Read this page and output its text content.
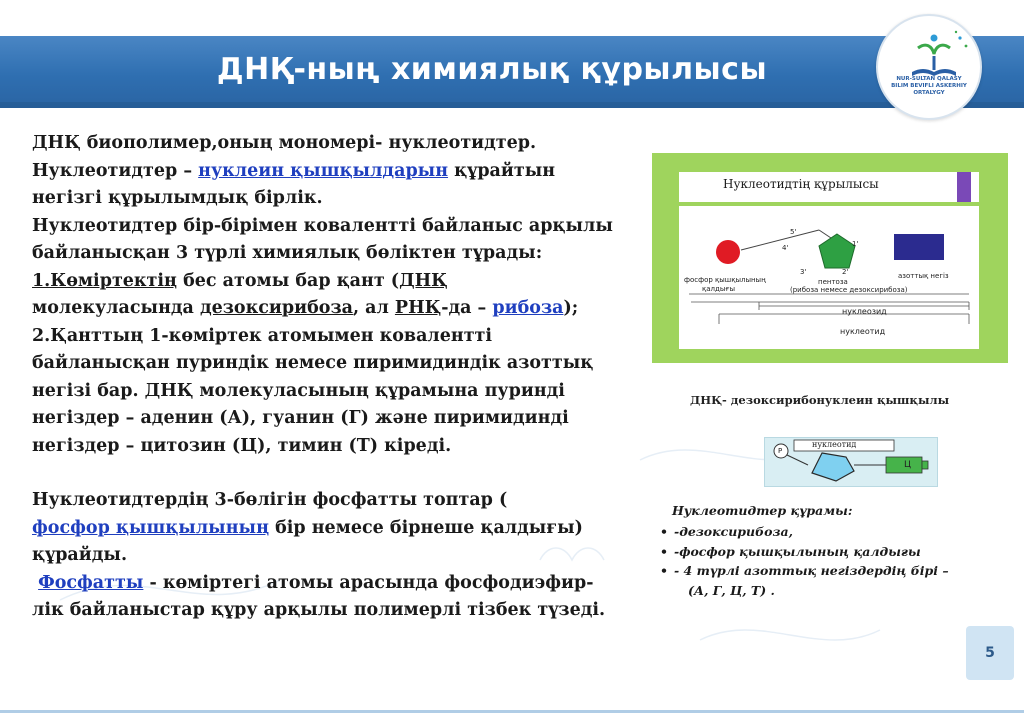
ДНҚ-ның химиялық құрылысы	NUR-SULTAN QALASY
BILIM BEVIFLI ASKERHIY ORTALYGY

ДНҚ биополимер,оның мономері- нуклеотидтер.

Нуклеотидтер – нуклеин қышқылдарын құрайтын

негізгі құрылымдық бірлік.

Нуклеотидтер бір-бірімен ковалентті байланыс арқылы

байланысқан 3 түрлі химиялық бөліктен тұрады:

1.Көміртектің бес атомы бар қант (ДНҚ

молекуласында дезоксирибоза, ал РНҚ-да – рибоза);

2.Қанттың 1-көміртек атомымен ковалентті

байланысқан пуриндік немесе пиримидиндік азоттық

негізі бар. ДНҚ молекуласының құрамына пуринді

негіздер – аденин (А), гуанин (Г) және пиримидинді

негіздер – цитозин (Ц), тимин (Т) кіреді.

Нуклеотидтердің 3-бөлігін фосфатты топтар (

фосфор қышқылының бір немесе бірнеше қалдығы)

құрайды.

Фосфатты - көміртегі атомы арасында фосфодиэфир-

лік байланыстар құру арқылы полимерлі тізбек түзеді.

Нуклеотидтің құрылысы
5'
4'	1'
3'	2'
фосфор қышқылының
қалдығы
пентоза
(рибоза немесе дезоксирибоза)
азоттық негіз
нуклеозид
нуклеотид
ДНҚ- дезоксирибонуклеин қышқылы
нуклеотид
P
Ц
Нуклеотидтер құрамы:
• -дезоксирибоза,
• -фосфор қышқылының қалдығы
• - 4 түрлі азоттық негіздердің бірі –
(А, Г, Ц, Т) .
5
